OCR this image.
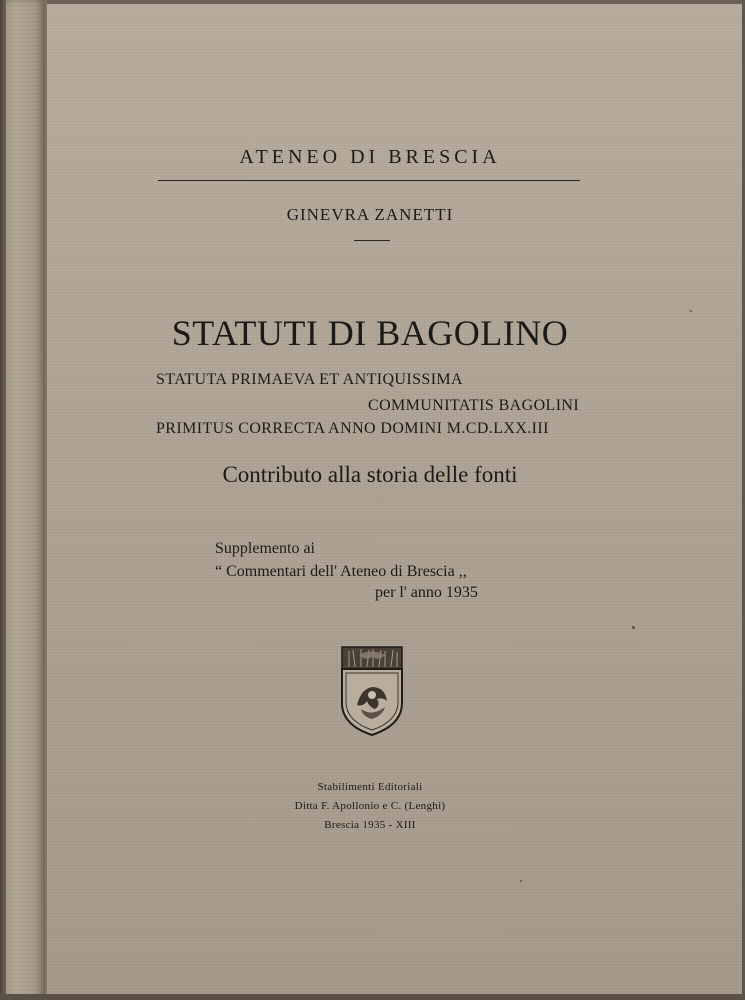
ATENEO DI BRESCIA
GINEVRA ZANETTI
STATUTI DI BAGOLINO
STATUTA PRIMAEVA ET ANTIQUISSIMA
COMMUNITATIS BAGOLINI
PRIMITUS CORRECTA ANNO DOMINI M.CD.LXX.III
Contributo alla storia delle fonti
Supplemento ai
“ Commentari dell' Ateneo di Brescia ,,
per l' anno 1935
Stabilimenti Editoriali
Ditta F. Apollonio e C. (Lenghi)
Brescia 1935 - XIII
